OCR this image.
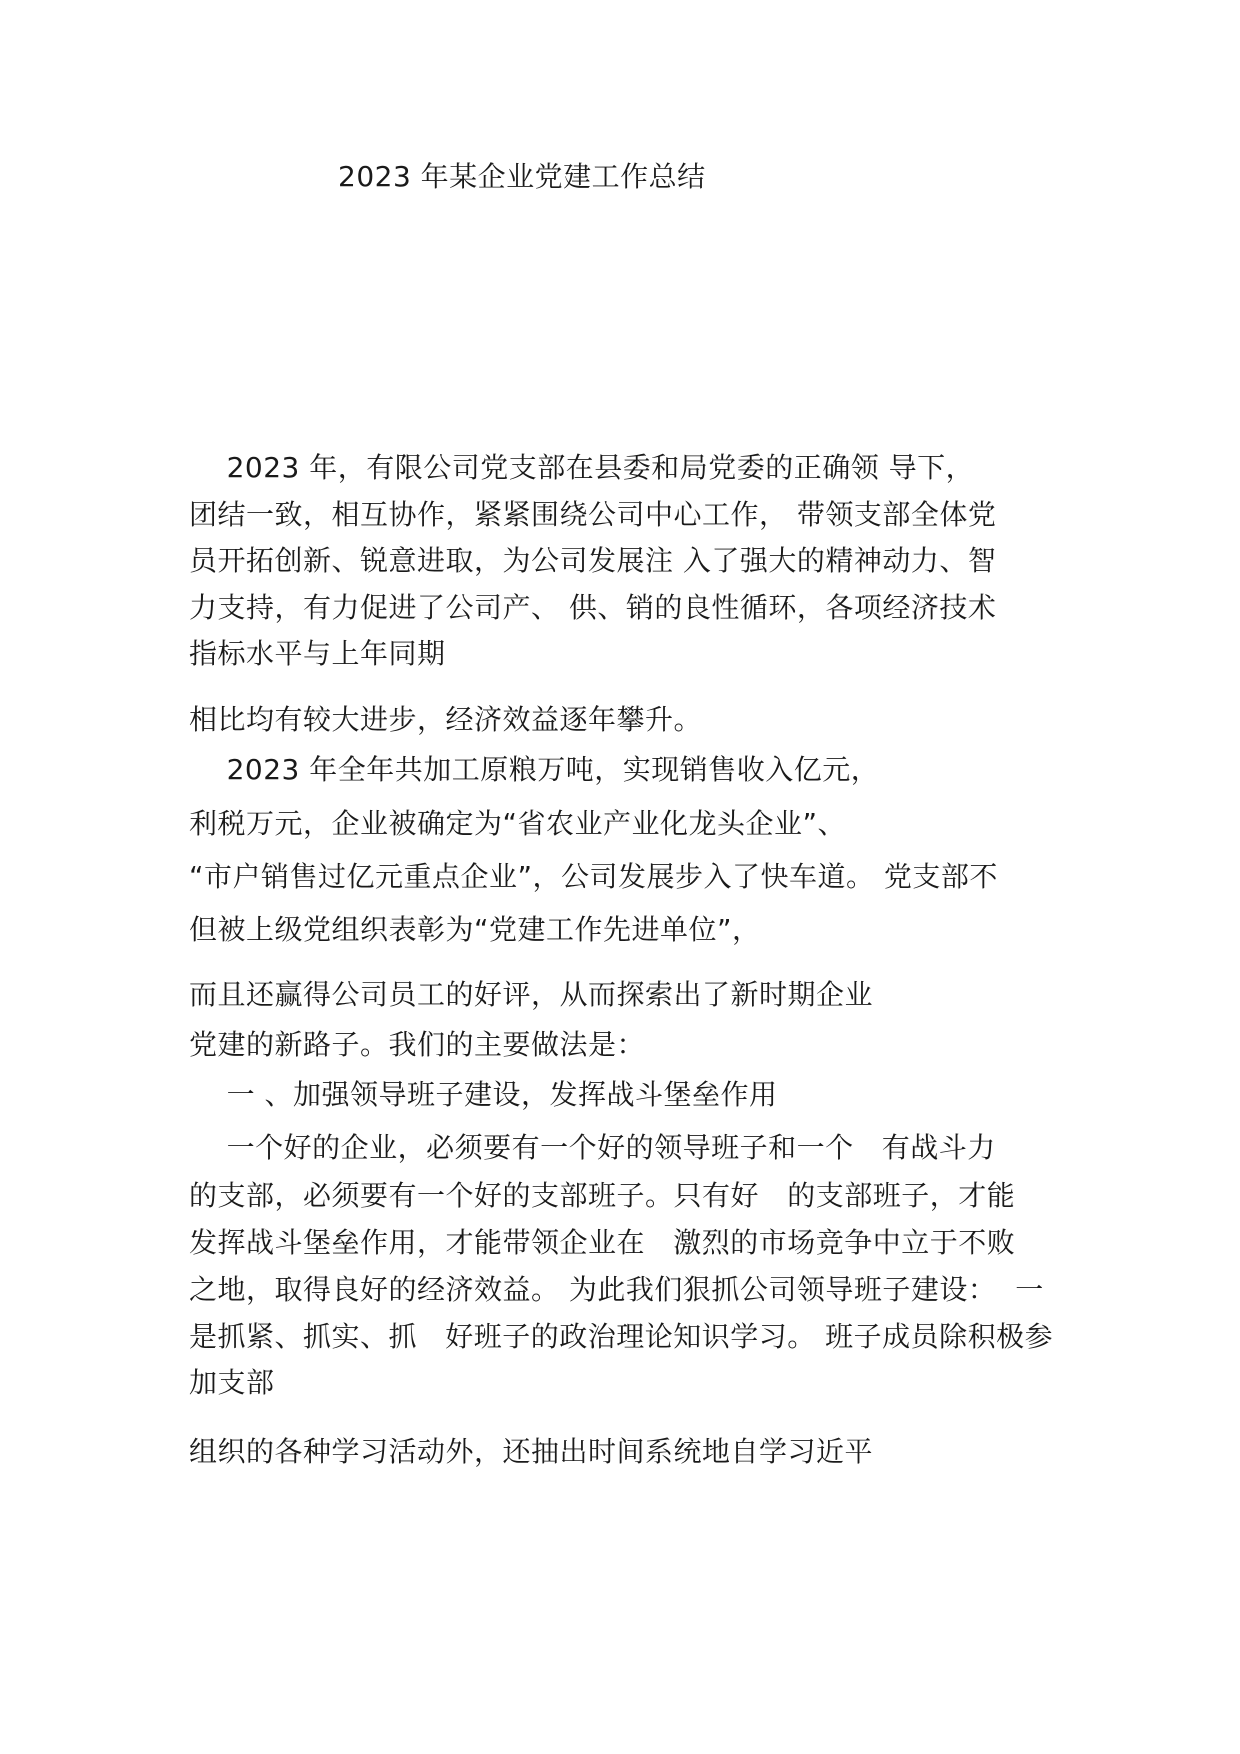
2023 年某企业党建工作总结
2023 年，有限公司党支部在县委和局党委的正确领 导下，
团结一致，相互协作，紧紧围绕公司中心工作， 带领支部全体党
员开拓创新、锐意进取，为公司发展注 入了强大的精神动力、智
力支持，有力促进了公司产、 供、销的良性循环，各项经济技术
指标水平与上年同期
相比均有较大进步，经济效益逐年攀升。
2023 年全年共加工原粮万吨，实现销售收入亿元，
利税万元，企业被确定为“省农业产业化龙头企业”、
“市户销售过亿元重点企业”，公司发展步入了快车道。 党支部不
但被上级党组织表彰为“党建工作先进单位”，
而且还赢得公司员工的好评，从而探索出了新时期企业
党建的新路子。我们的主要做法是：
一 、加强领导班子建设，发挥战斗堡垒作用
一个好的企业，必须要有一个好的领导班子和一个   有战斗力
的支部，必须要有一个好的支部班子。只有好   的支部班子，才能
发挥战斗堡垒作用，才能带领企业在   激烈的市场竞争中立于不败
之地，取得良好的经济效益。 为此我们狠抓公司领导班子建设：  一
是抓紧、抓实、抓   好班子的政治理论知识学习。 班子成员除积极参
加支部
组织的各种学习活动外，还抽出时间系统地自学习近平
